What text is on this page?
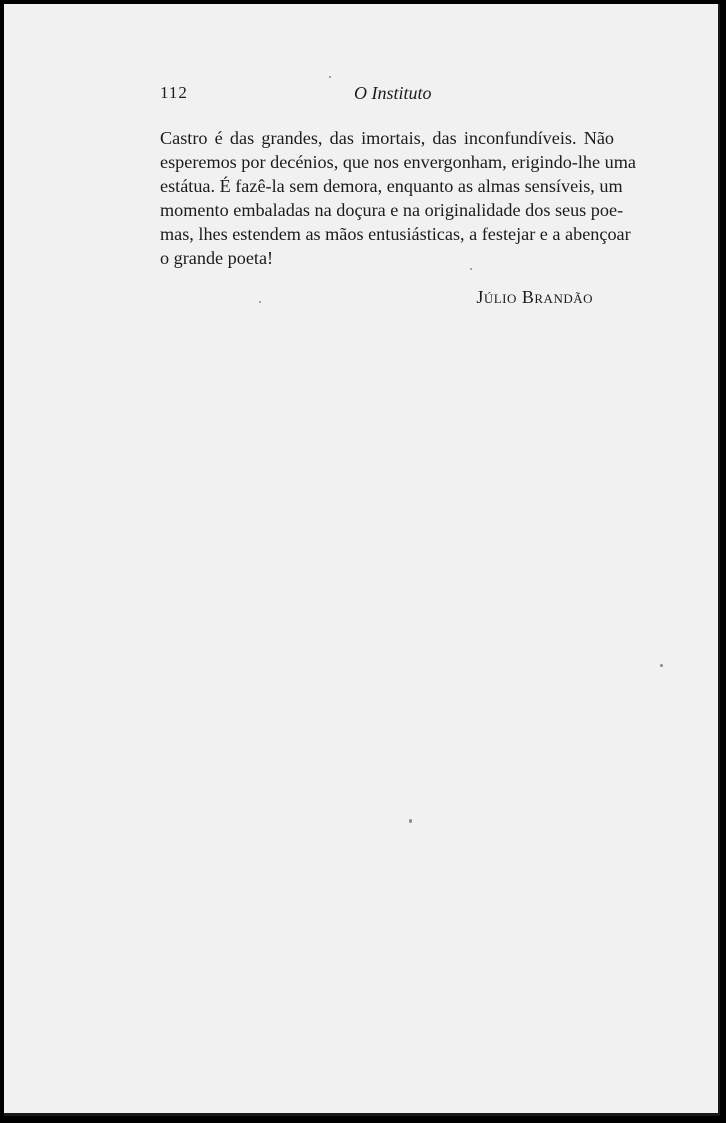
112	O Instituto
Castro é das grandes, das imortais, das inconfundíveis. Não
esperemos por decénios, que nos envergonham, erigindo-lhe uma
estátua. É fazê-la sem demora, enquanto as almas sensíveis, um
momento embaladas na doçura e na originalidade dos seus poe-
mas, lhes estendem as mãos entusiásticas, a festejar e a abençoar
o grande poeta!
Júlio Brandão
